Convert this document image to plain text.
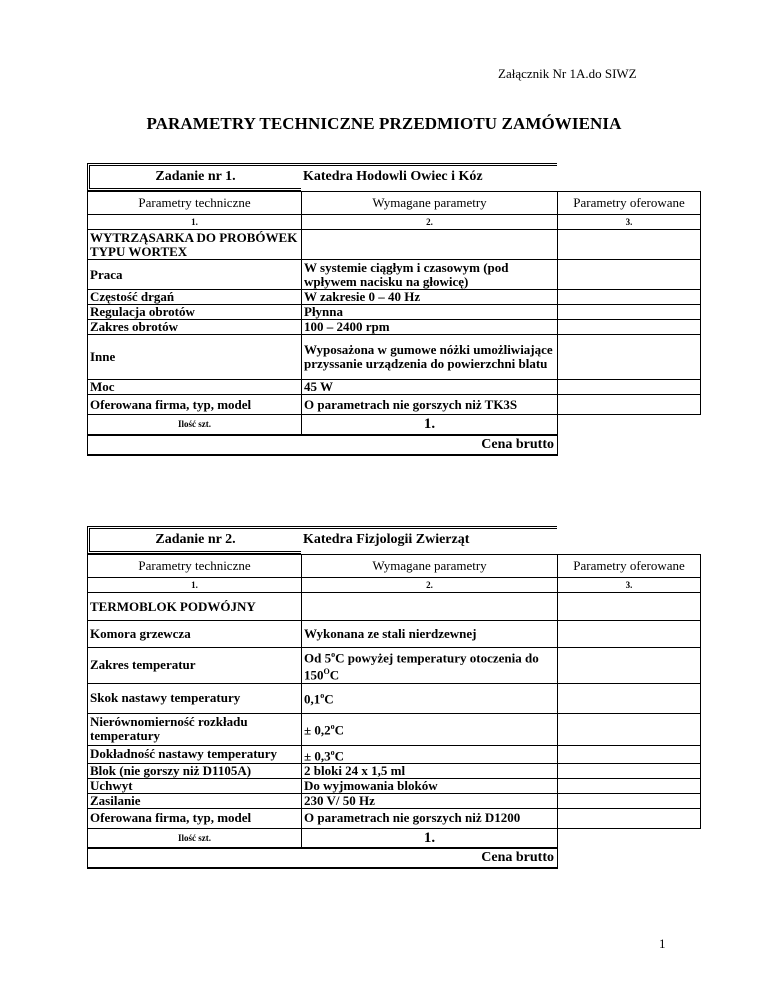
Załącznik Nr 1A.do SIWZ
PARAMETRY TECHNICZNE PRZEDMIOTU ZAMÓWIENIA
Zadanie nr 1.	Katedra Hodowli Owiec i Kóz
Parametry techniczne	Wymagane parametry	Parametry oferowane
1.	2.	3.
WYTRZĄSARKA DO PROBÓWEK TYPU WORTEX		
Praca	W systemie ciągłym i czasowym (pod wpływem nacisku na głowicę)	
Częstość drgań	W zakresie 0 – 40 Hz	
Regulacja obrotów	Płynna	
Zakres obrotów	100 – 2400 rpm	
Inne	Wyposażona w gumowe nóżki umożliwiające przyssanie urządzenia do powierzchni blatu	
Moc	45 W	
Oferowana firma, typ, model	O parametrach nie gorszych niż TK3S	
Ilość szt.	1.	
Cena brutto		
Zadanie nr 2.	Katedra Fizjologii Zwierząt
Parametry techniczne	Wymagane parametry	Parametry oferowane
1.	2.	3.
TERMOBLOK PODWÓJNY		
Komora grzewcza	Wykonana ze stali nierdzewnej	
Zakres temperatur	Od 5$^o$C powyżej temperatury otoczenia do $150^OC$	
Skok nastawy temperatury	0,1$^o$C	
Nierównomierność rozkładu temperatury	± $0,2^oC$	
Dokładność nastawy temperatury	± $0,3^oC$	
Blok (nie gorszy niż D1105A)	2 bloki 24 x 1,5 ml	
Uchwyt	Do wyjmowania bloków	
Zasilanie	230 V/ 50 Hz	
Oferowana firma, typ, model	O parametrach nie gorszych niż D1200	
Ilość szt.	1.	
Cena brutto		
1
